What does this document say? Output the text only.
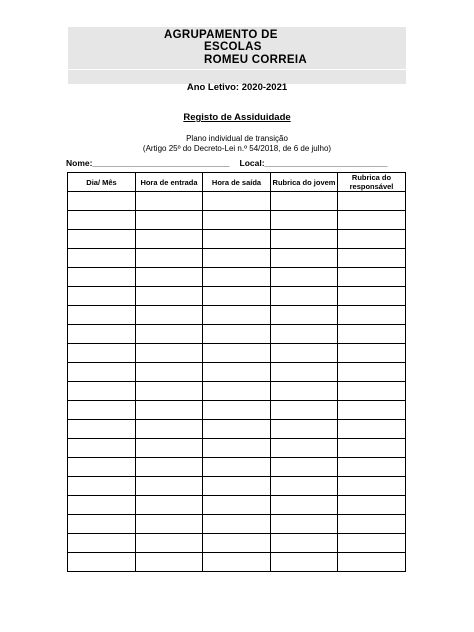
AGRUPAMENTO DE
ESCOLAS
ROMEU CORREIA
Ano Letivo: 2020-2021
Registo de Assiduidade
Plano individual de transição
(Artigo 25º do Decreto-Lei n.º 54/2018, de 6 de julho)
Nome:_____________________________ Local:__________________________
Dia/ Mês	Hora de entrada	Hora de saída	Rubrica do jovem	Rubrica do responsável
